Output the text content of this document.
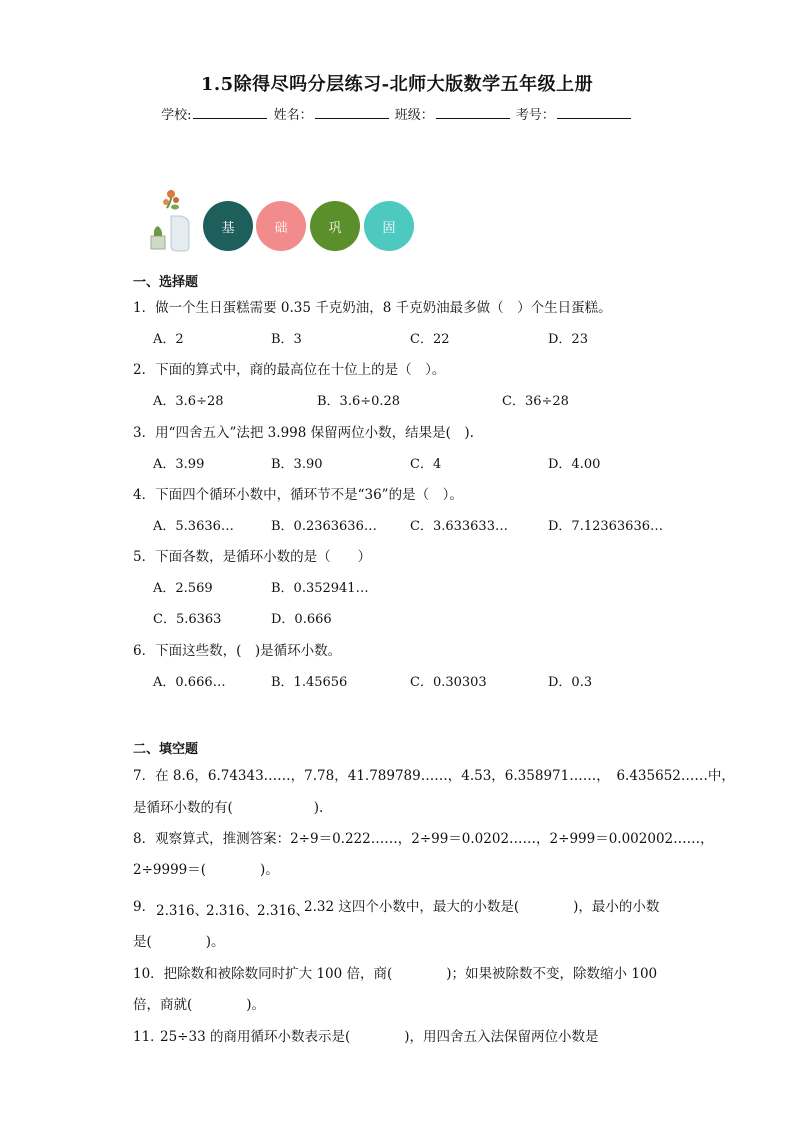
1.5除得尽吗分层练习-北师大版数学五年级上册
学校:	姓名：	班级：	考号：
基	础	巩	固
一、选择题
1．做一个生日蛋糕需要 0.35 千克奶油，8 千克奶油最多做（　）个生日蛋糕。
A．2	B．3	C．22	D．23
2．下面的算式中，商的最高位在十位上的是（　）。
A．3.6÷28	B．3.6÷0.28	C．36÷28
3．用“四舍五入”法把 3.998 保留两位小数，结果是(　).
A．3.99	B．3.90	C．4	D．4.00
4．下面四个循环小数中，循环节不是“36”的是（　）。
A．5.3636…	B．0.2363636…	C．3.633633…	D．7.12363636…
5．下面各数，是循环小数的是（　　）
A．2.569	B．0.352941…
C．5.6363	D．0.666
6．下面这些数，(　)是循环小数。
A．0.666…	B．1.45656	C．0.30303	D．0.3
二、填空题
7．在 8.6，6.74343……，7.78，41.789789……，4.53，6.358971……，　6.435652……中，
是循环小数的有(　　　　　　).
8．观察算式，推测答案：2÷9＝0.222……，2÷99＝0.0202……，2÷999＝0.002002……，
2÷9999＝(　　　　)。
9． 2.316、
2.316、
2.316、
2.32 这四个小数中，最大的小数是(　　　　)，最小的小数
是(　　　　)。
10．把除数和被除数同时扩大 100 倍，商(　　　　)；如果被除数不变，除数缩小 100
倍，商就(　　　　)。
11．
25÷33 的商用循环小数表示是(　　　　)，用四舍五入法保留两位小数是
